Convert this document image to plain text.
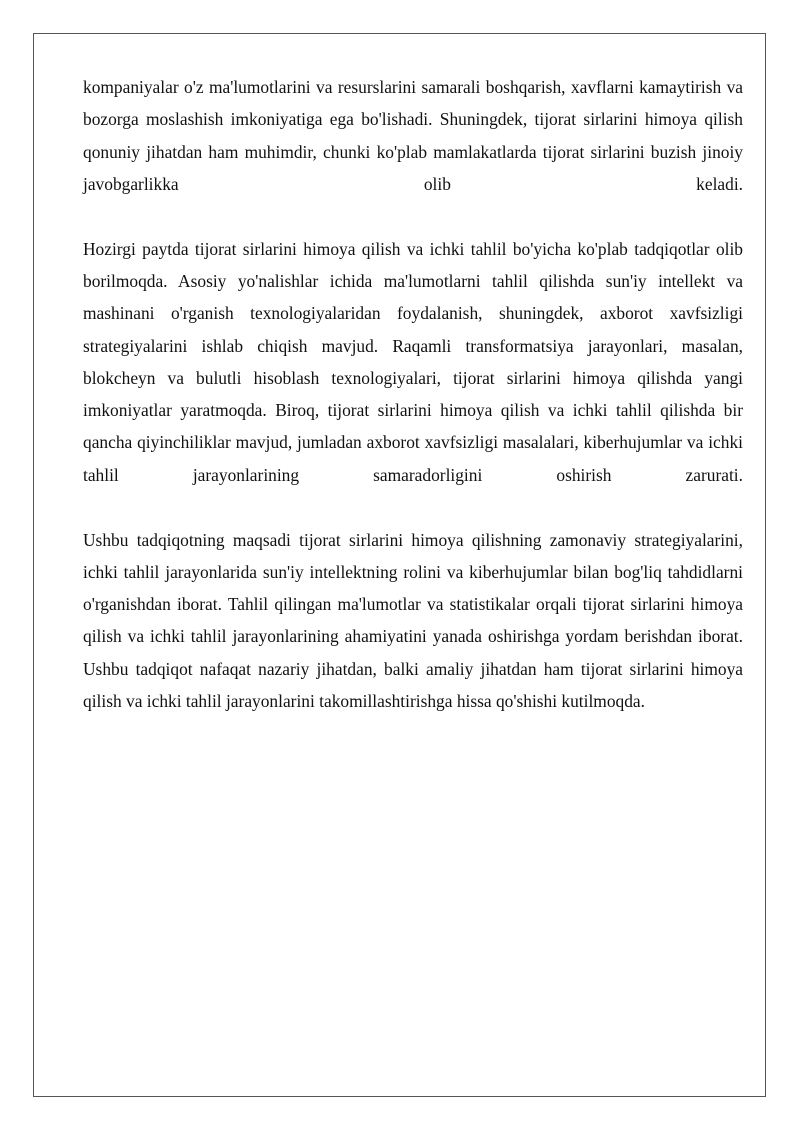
kompaniyalar o'z ma'lumotlarini va resurslarini samarali boshqarish, xavflarni kamaytirish va bozorga moslashish imkoniyatiga ega bo'lishadi. Shuningdek, tijorat sirlarini himoya qilish qonuniy jihatdan ham muhimdir, chunki ko'plab mamlakatlarda tijorat sirlarini buzish jinoiy javobgarlikka olib keladi.

Hozirgi paytda tijorat sirlarini himoya qilish va ichki tahlil bo'yicha ko'plab tadqiqotlar olib borilmoqda. Asosiy yo'nalishlar ichida ma'lumotlarni tahlil qilishda sun'iy intellekt va mashinani o'rganish texnologiyalaridan foydalanish, shuningdek, axborot xavfsizligi strategiyalarini ishlab chiqish mavjud. Raqamli transformatsiya jarayonlari, masalan, blokcheyn va bulutli hisoblash texnologiyalari, tijorat sirlarini himoya qilishda yangi imkoniyatlar yaratmoqda. Biroq, tijorat sirlarini himoya qilish va ichki tahlil qilishda bir qancha qiyinchiliklar mavjud, jumladan axborot xavfsizligi masalalari, kiberhujumlar va ichki tahlil jarayonlarining samaradorligini oshirish zarurati.

Ushbu tadqiqotning maqsadi tijorat sirlarini himoya qilishning zamonaviy strategiyalarini, ichki tahlil jarayonlarida sun'iy intellektning rolini va kiberhujumlar bilan bog'liq tahdidlarni o'rganishdan iborat. Tahlil qilingan ma'lumotlar va statistikalar orqali tijorat sirlarini himoya qilish va ichki tahlil jarayonlarining ahamiyatini yanada oshirishga yordam berishdan iborat. Ushbu tadqiqot nafaqat nazariy jihatdan, balki amaliy jihatdan ham tijorat sirlarini himoya qilish va ichki tahlil jarayonlarini takomillashtirishga hissa qo'shishi kutilmoqda.
